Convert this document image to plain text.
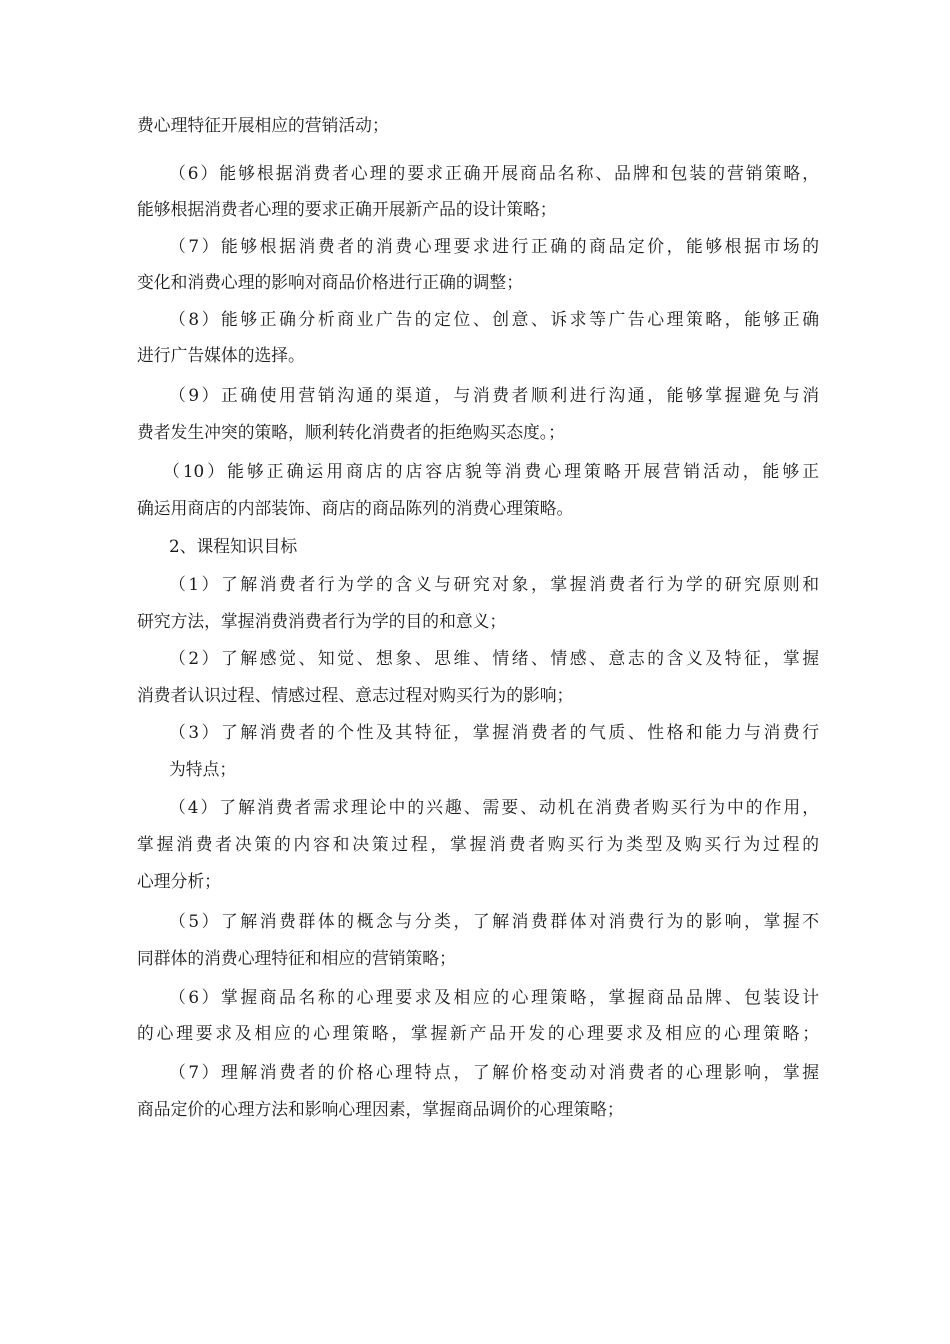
费心理特征开展相应的营销活动；
（6）能够根据消费者心理的要求正确开展商品名称、品牌和包装的营销策略，
能够根据消费者心理的要求正确开展新产品的设计策略；
（7）能够根据消费者的消费心理要求进行正确的商品定价，能够根据市场的
变化和消费心理的影响对商品价格进行正确的调整；
（8）能够正确分析商业广告的定位、创意、诉求等广告心理策略，能够正确
进行广告媒体的选择。
（9）正确使用营销沟通的渠道，与消费者顺利进行沟通，能够掌握避免与消
费者发生冲突的策略，顺利转化消费者的拒绝购买态度。；
（10）能够正确运用商店的店容店貌等消费心理策略开展营销活动，能够正
确运用商店的内部装饰、商店的商品陈列的消费心理策略。
2、课程知识目标
（1）了解消费者行为学的含义与研究对象，掌握消费者行为学的研究原则和
研究方法，掌握消费消费者行为学的目的和意义；
（2）了解感觉、知觉、想象、思维、情绪、情感、意志的含义及特征，掌握
消费者认识过程、情感过程、意志过程对购买行为的影响；
（3）了解消费者的个性及其特征，掌握消费者的气质、性格和能力与消费行
为特点；
（4）了解消费者需求理论中的兴趣、需要、动机在消费者购买行为中的作用，
掌握消费者决策的内容和决策过程，掌握消费者购买行为类型及购买行为过程的
心理分析；
（5）了解消费群体的概念与分类，了解消费群体对消费行为的影响，掌握不
同群体的消费心理特征和相应的营销策略；
（6）掌握商品名称的心理要求及相应的心理策略，掌握商品品牌、包装设计
的心理要求及相应的心理策略，掌握新产品开发的心理要求及相应的心理策略；
（7）理解消费者的价格心理特点，了解价格变动对消费者的心理影响，掌握
商品定价的心理方法和影响心理因素，掌握商品调价的心理策略；
